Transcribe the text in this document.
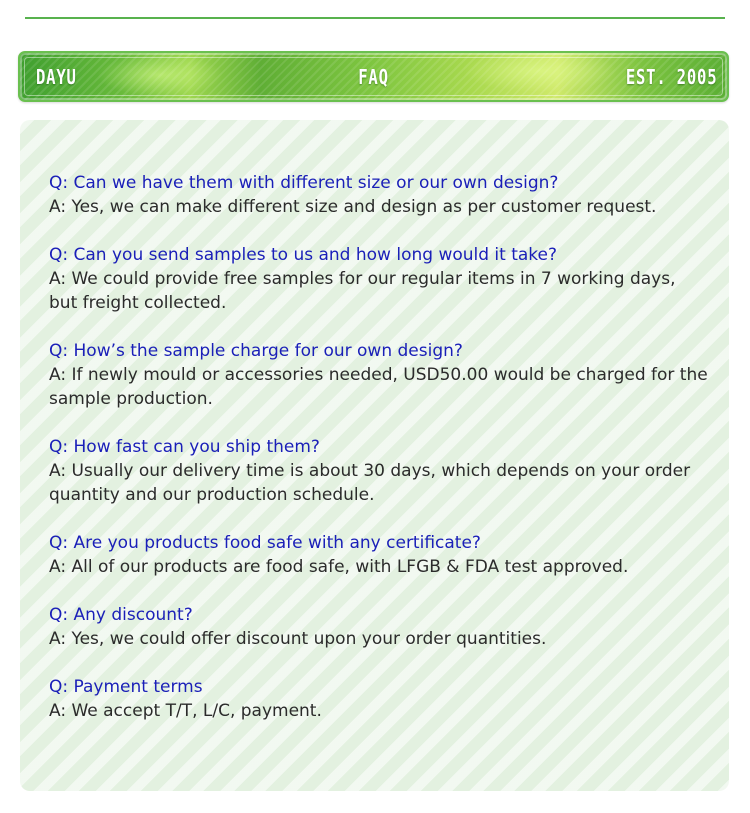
DAYU	FAQ	EST. 2005

Q: Can we have them with different size or our own design?

A: Yes, we can make different size and design as per customer request.

Q: Can you send samples to us and how long would it take?

A: We could provide free samples for our regular items in 7 working days, but freight collected.

Q: How’s the sample charge for our own design?

A: If newly mould or accessories needed, USD50.00 would be charged for the sample production.

Q: How fast can you ship them?

A: Usually our delivery time is about 30 days, which depends on your order quantity and our production schedule.

Q: Are you products food safe with any certificate?

A: All of our products are food safe, with LFGB & FDA test approved.

Q: Any discount?

A: Yes, we could offer discount upon your order quantities.

Q: Payment terms

A: We accept T/T, L/C, payment.
